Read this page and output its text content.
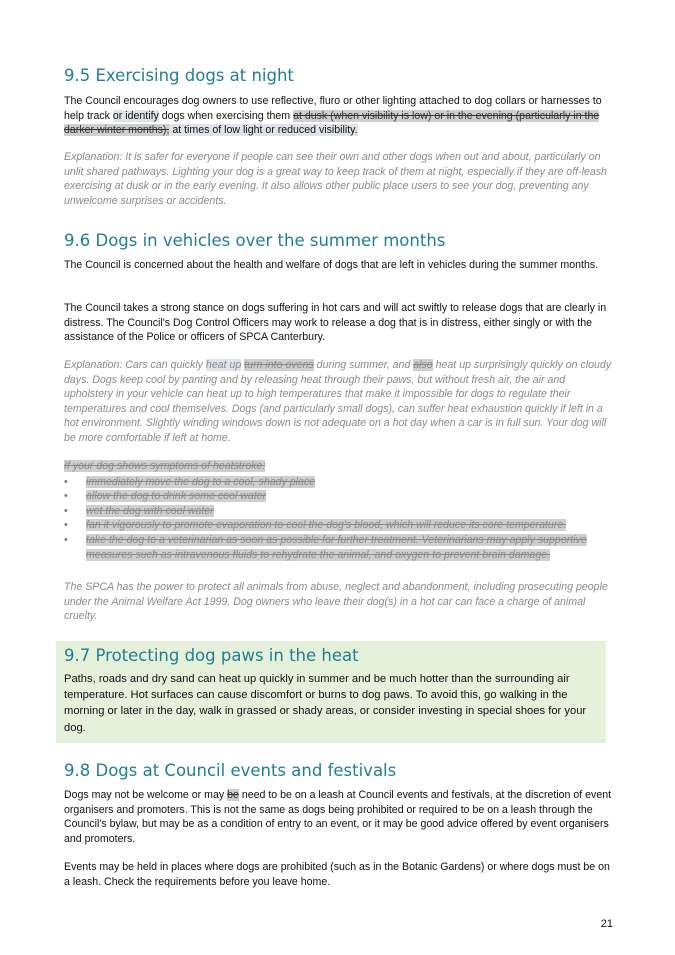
9.5 Exercising dogs at night

The Council encourages dog owners to use reflective, fluro or other lighting attached to dog collars or harnesses to help track or identify dogs when exercising them at dusk (when visibility is low) or in the evening (particularly in the darker winter months), at times of low light or reduced visibility.

Explanation: It is safer for everyone if people can see their own and other dogs when out and about, particularly on unlit shared pathways. Lighting your dog is a great way to keep track of them at night, especially if they are off-leash exercising at dusk or in the early evening. It also allows other public place users to see your dog, preventing any unwelcome surprises or accidents.

9.6 Dogs in vehicles over the summer months

The Council is concerned about the health and welfare of dogs that are left in vehicles during the summer months.

The Council takes a strong stance on dogs suffering in hot cars and will act swiftly to release dogs that are clearly in distress. The Council's Dog Control Officers may work to release a dog that is in distress, either singly or with the assistance of the Police or officers of SPCA Canterbury.

Explanation: Cars can quickly heat up turn into ovens during summer, and also heat up surprisingly quickly on cloudy days. Dogs keep cool by panting and by releasing heat through their paws, but without fresh air, the air and upholstery in your vehicle can heat up to high temperatures that make it impossible for dogs to regulate their temperatures and cool themselves. Dogs (and particularly small dogs), can suffer heat exhaustion quickly if left in a hot environment. Slightly winding windows down is not adequate on a hot day when a car is in full sun. Your dog will be more comfortable if left at home.

If your dog shows symptoms of heatstroke:

• immediately move the dog to a cool, shady place
• allow the dog to drink some cool water
• wet the dog with cool water
• fan it vigorously to promote evaporation to cool the dog's blood, which will reduce its core temperature.
• take the dog to a veterinarian as soon as possible for further treatment. Veterinarians may apply supportive measures such as intravenous fluids to rehydrate the animal, and oxygen to prevent brain damage.

The SPCA has the power to protect all animals from abuse, neglect and abandonment, including prosecuting people under the Animal Welfare Act 1999. Dog owners who leave their dog(s) in a hot car can face a charge of animal cruelty.

9.7 Protecting dog paws in the heat

Paths, roads and dry sand can heat up quickly in summer and be much hotter than the surrounding air temperature. Hot surfaces can cause discomfort or burns to dog paws. To avoid this, go walking in the morning or later in the day, walk in grassed or shady areas, or consider investing in special shoes for your dog.

9.8 Dogs at Council events and festivals

Dogs may not be welcome or may be need to be on a leash at Council events and festivals, at the discretion of event organisers and promoters. This is not the same as dogs being prohibited or required to be on a leash through the Council's bylaw, but may be as a condition of entry to an event, or it may be good advice offered by event organisers and promoters.

Events may be held in places where dogs are prohibited (such as in the Botanic Gardens) or where dogs must be on a leash. Check the requirements before you leave home.

21
